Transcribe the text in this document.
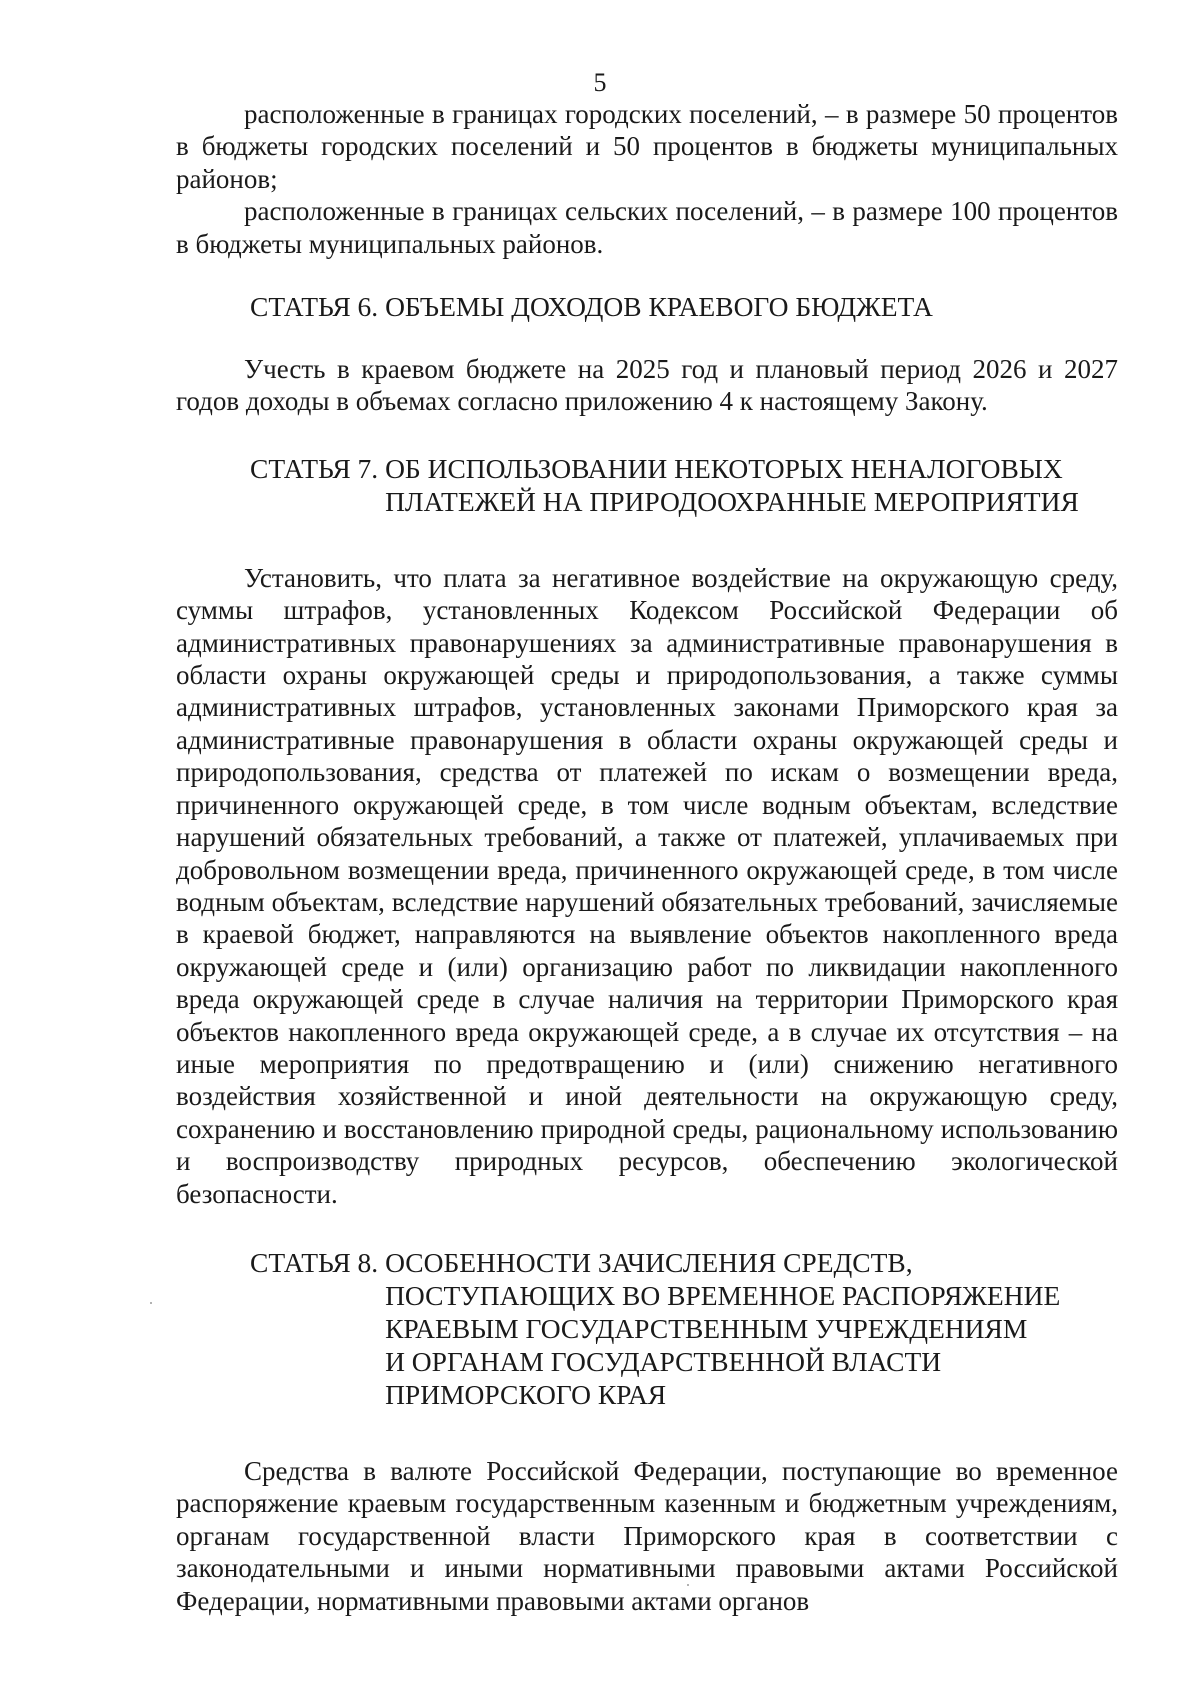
5

расположенные в границах городских поселений, – в размере 50 процентов в бюджеты городских поселений и 50 процентов в бюджеты муниципальных районов;

расположенные в границах сельских поселений, – в размере 100 процентов в бюджеты муниципальных районов.

СТАТЬЯ 6. ОБЪЕМЫ ДОХОДОВ КРАЕВОГО БЮДЖЕТА

Учесть в краевом бюджете на 2025 год и плановый период 2026 и 2027 годов доходы в объемах согласно приложению 4 к настоящему Закону.

СТАТЬЯ 7. ОБ ИСПОЛЬЗОВАНИИ НЕКОТОРЫХ НЕНАЛОГОВЫХ
ПЛАТЕЖЕЙ НА ПРИРОДООХРАННЫЕ МЕРОПРИЯТИЯ

Установить, что плата за негативное воздействие на окружающую среду, суммы штрафов, установленных Кодексом Российской Федерации об административных правонарушениях за административные правонарушения в области охраны окружающей среды и природопользования, а также суммы административных штрафов, установленных законами Приморского края за административные правонарушения в области охраны окружающей среды и природопользования, средства от платежей по искам о возмещении вреда, причиненного окружающей среде, в том числе водным объектам, вследствие нарушений обязательных требований, а также от платежей, уплачиваемых при добровольном возмещении вреда, причиненного окружающей среде, в том числе водным объектам, вследствие нарушений обязательных требований, зачисляемые в краевой бюджет, направляются на выявление объектов накопленного вреда окружающей среде и (или) организацию работ по ликвидации накопленного вреда окружающей среде в случае наличия на территории Приморского края объектов накопленного вреда окружающей среде, а в случае их отсутствия – на иные мероприятия по предотвращению и (или) снижению негативного воздействия хозяйственной и иной деятельности на окружающую среду, сохранению и восстановлению природной среды, рациональному использованию и воспроизводству природных ресурсов, обеспечению экологической безопасности.

СТАТЬЯ 8. ОСОБЕННОСТИ ЗАЧИСЛЕНИЯ СРЕДСТВ,
ПОСТУПАЮЩИХ ВО ВРЕМЕННОЕ РАСПОРЯЖЕНИЕ
КРАЕВЫМ ГОСУДАРСТВЕННЫМ УЧРЕЖДЕНИЯМ
И ОРГАНАМ ГОСУДАРСТВЕННОЙ ВЛАСТИ
ПРИМОРСКОГО КРАЯ

Средства в валюте Российской Федерации, поступающие во временное распоряжение краевым государственным казенным и бюджетным учреждениям, органам государственной власти Приморского края в соответствии с законодательными и иными нормативными правовыми актами Российской Федерации, нормативными правовыми актами органов
